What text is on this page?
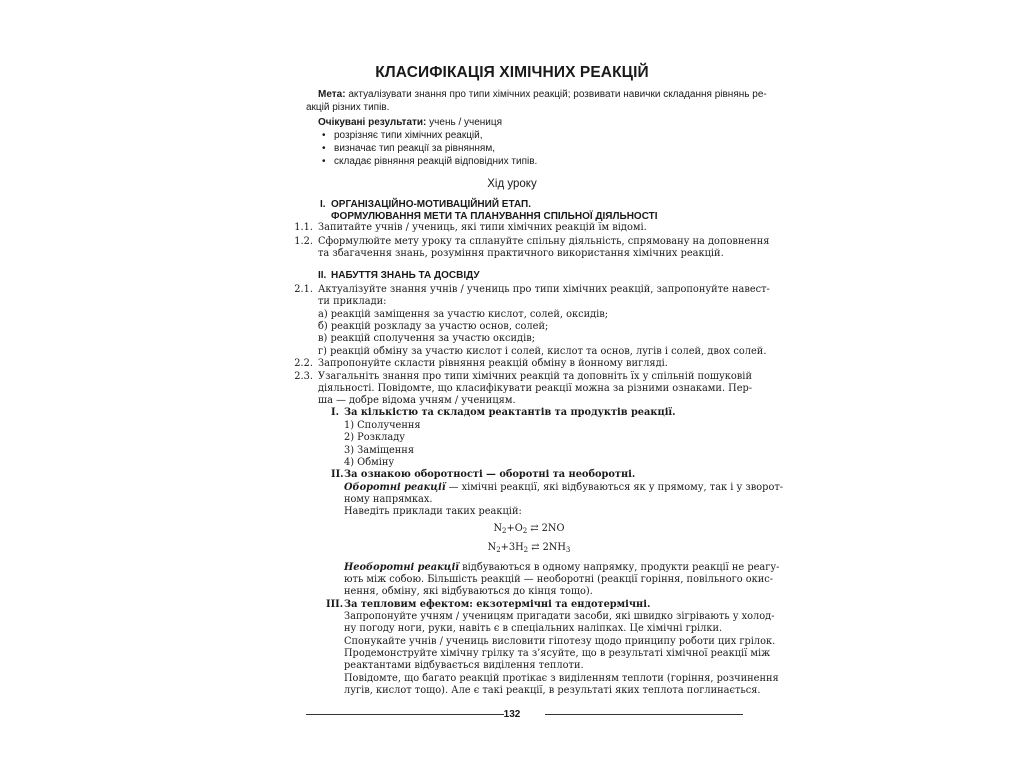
КЛАСИФІКАЦІЯ ХІМІЧНИХ РЕАКЦІЙ
Мета: актуалізувати знання про типи хімічних реакцій; розвивати навички складання рівнянь ре-
акцій різних типів.
Очікувані результати: учень / учениця
• розрізняє типи хімічних реакцій,
• визначає тип реакції за рівнянням,
• складає рівняння реакцій відповідних типів.
Хід уроку
I. ОРГАНІЗАЦІЙНО-МОТИВАЦІЙНИЙ ЕТАП.
ФОРМУЛЮВАННЯ МЕТИ ТА ПЛАНУВАННЯ СПІЛЬНОЇ ДІЯЛЬНОСТІ
1.1. Запитайте учнів / учениць, які типи хімічних реакцій їм відомі.
1.2. Сформулюйте мету уроку та сплануйте спільну діяльність, спрямовану на доповнення
та збагачення знань, розуміння практичного використання хімічних реакцій.
II. НАБУТТЯ ЗНАНЬ ТА ДОСВІДУ
2.1. Актуалізуйте знання учнів / учениць про типи хімічних реакцій, запропонуйте навест-
ти приклади:
а) реакцій заміщення за участю кислот, солей, оксидів;
б) реакцій розкладу за участю основ, солей;
в) реакцій сполучення за участю оксидів;
г) реакцій обміну за участю кислот і солей, кислот та основ, лугів і солей, двох солей.
2.2. Запропонуйте скласти рівняння реакцій обміну в йонному вигляді.
2.3. Узагальніть знання про типи хімічних реакцій та доповніть їх у спільній пошуковій
діяльності. Повідомте, що класифікувати реакції можна за різними ознаками. Пер-
ша — добре відома учням / ученицям.
I. За кількістю та складом реактантів та продуктів реакції.
1) Сполучення
2) Розкладу
3) Заміщення
4) Обміну
II. За ознакою оборотності — оборотні та необоротні.
Оборотні реакції — хімічні реакції, які відбуваються як у прямому, так і у зворот-
ному напрямках.
Наведіть приклади таких реакцій:
$N_2+O_2$ ⇄ 2NO
$N_2+3H_2$ ⇄ $2NH_3$
Необоротні реакції відбуваються в одному напрямку, продукти реакції не реагу-
ють між собою. Більшість реакцій — необоротні (реакції горіння, повільного окис-
нення, обміну, які відбуваються до кінця тощо).
III. За тепловим ефектом: екзотермічні та ендотермічні.
Запропонуйте учням / ученицям пригадати засоби, які швидко зігрівають у холод-
ну погоду ноги, руки, навіть є в спеціальних наліпках. Це хімічні грілки.
Спонукайте учнів / учениць висловити гіпотезу щодо принципу роботи цих грілок.
Продемонструйте хімічну грілку та з’ясуйте, що в результаті хімічної реакції між
реактантами відбувається виділення теплоти.
Повідомте, що багато реакцій протікає з виділенням теплоти (горіння, розчинення
лугів, кислот тощо). Але є такі реакції, в результаті яких теплота поглинається.
132
